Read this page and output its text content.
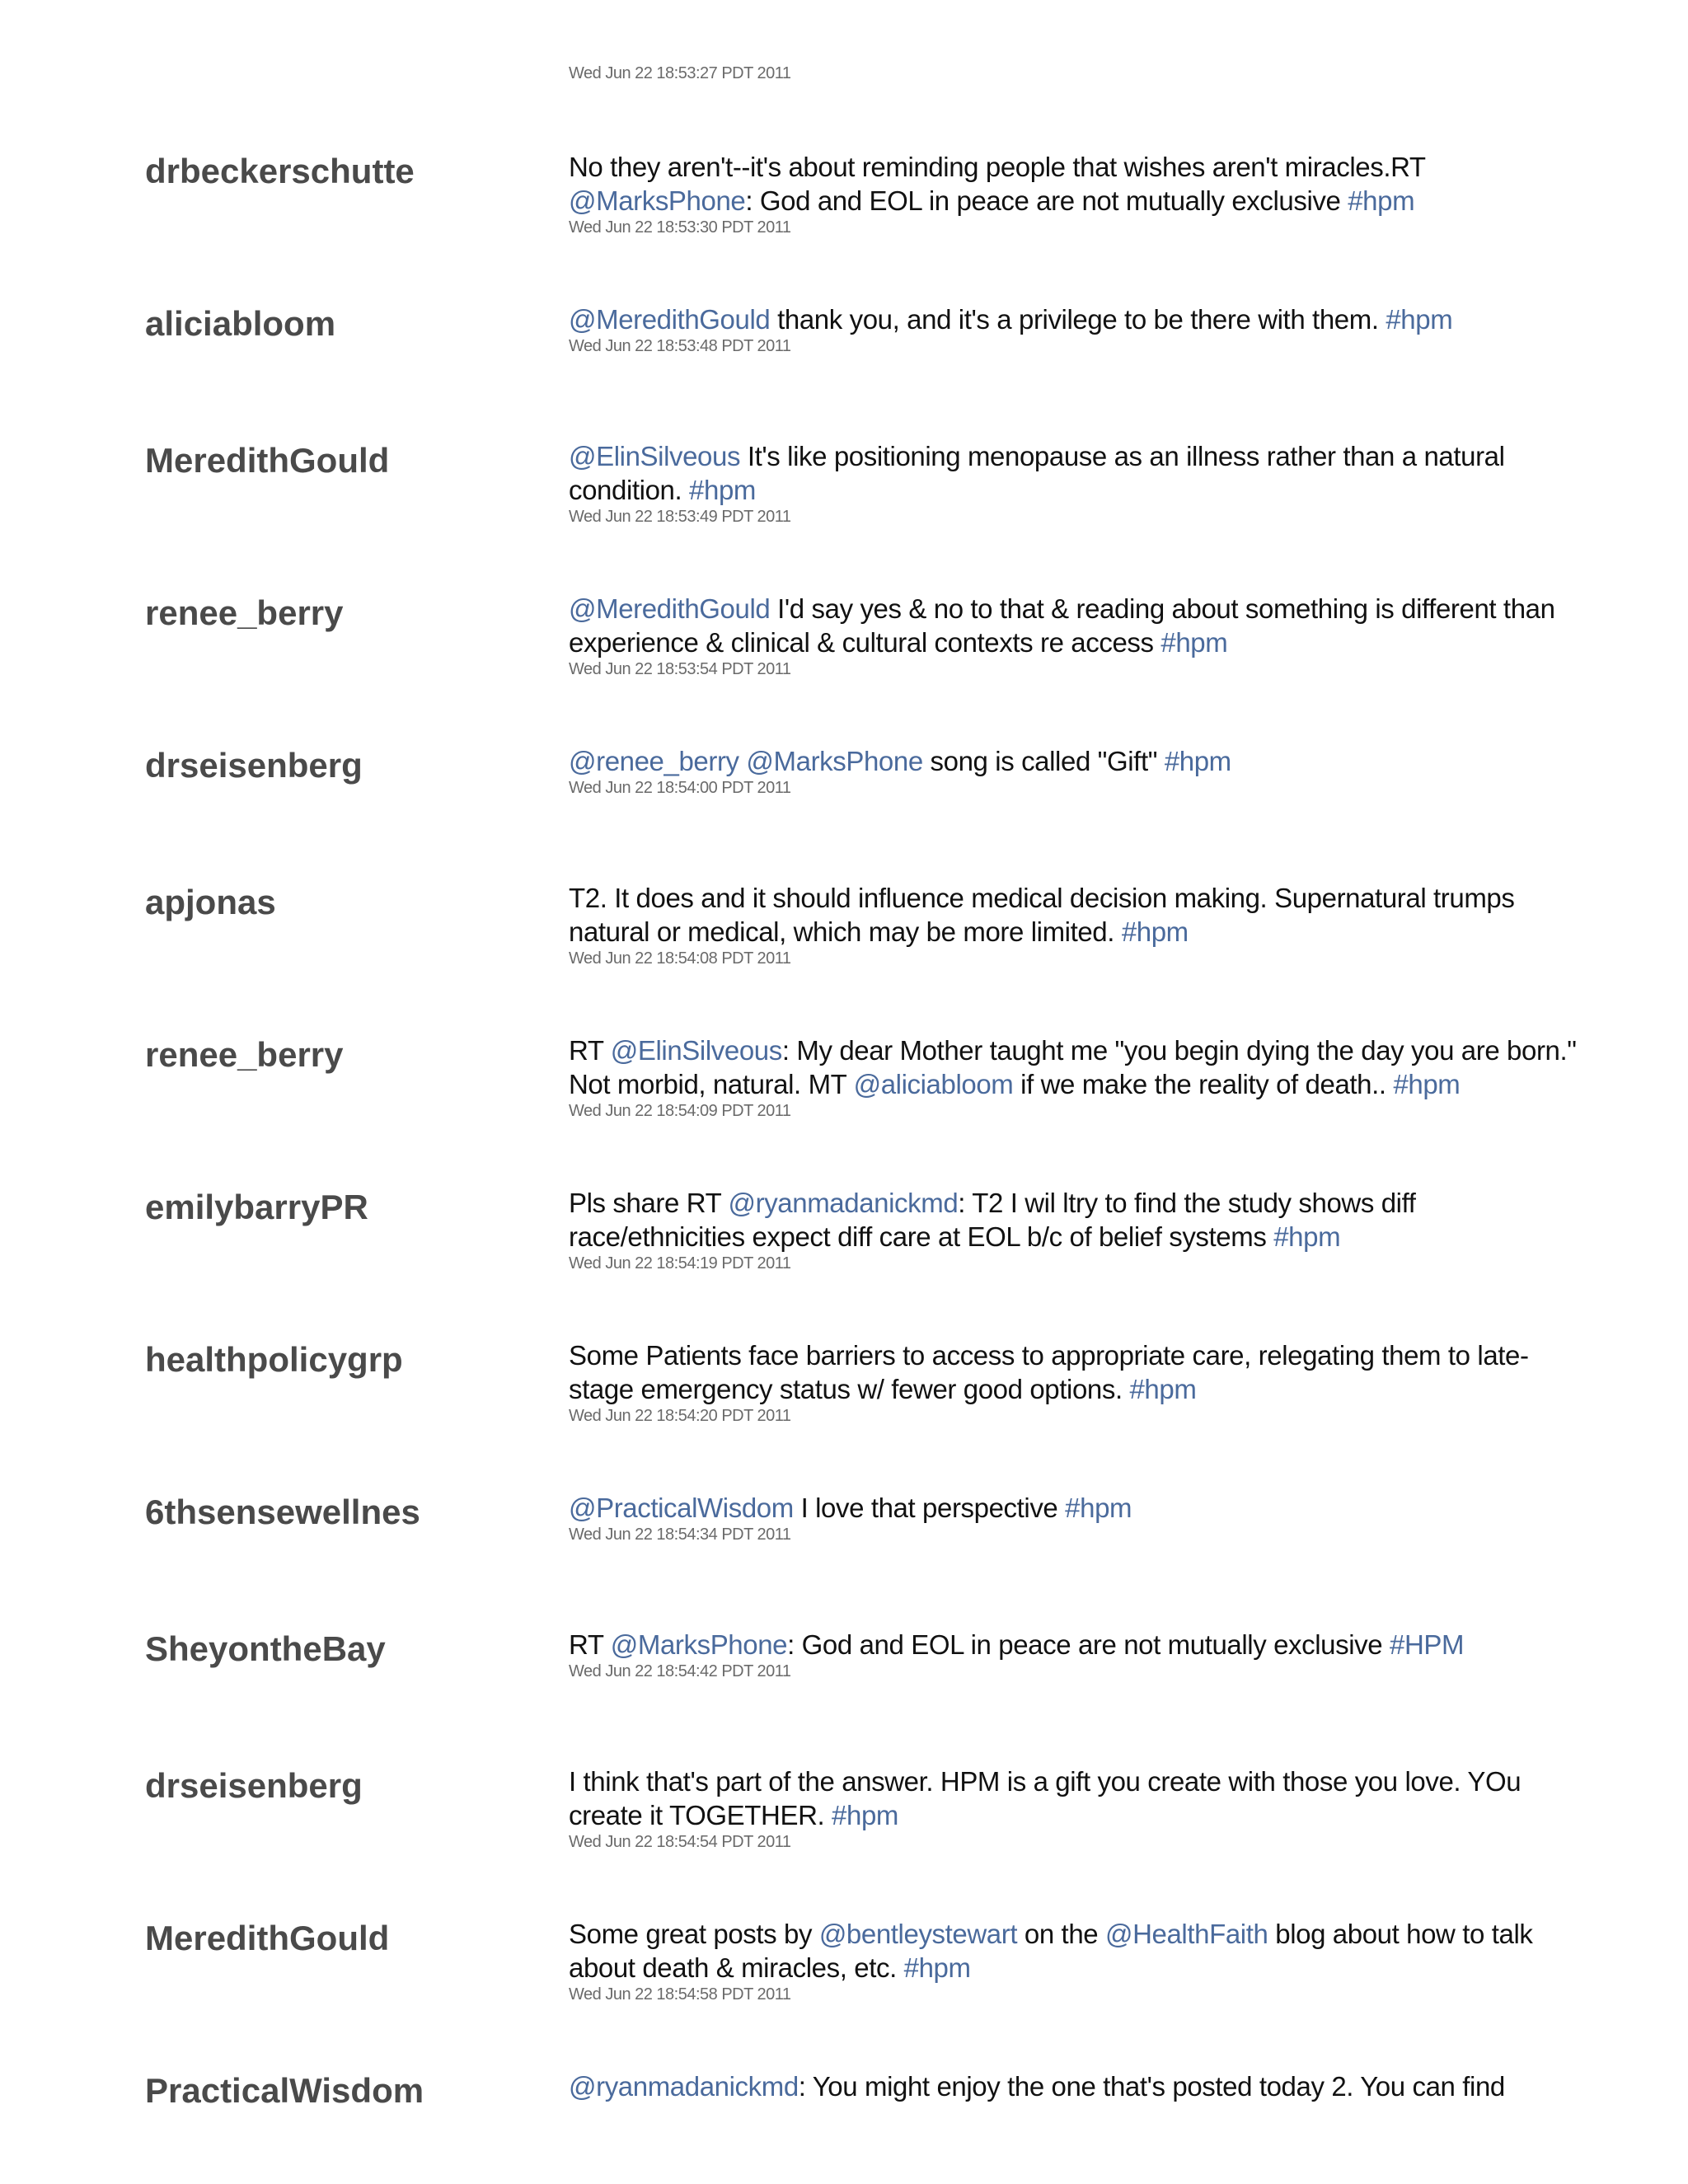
Wed Jun 22 18:53:27 PDT 2011
drbeckerschutte	No they aren't--it's about reminding people that wishes aren't miracles.RT @MarksPhone: God and EOL in peace are not mutually exclusive #hpm
Wed Jun 22 18:53:30 PDT 2011
aliciabloom	@MeredithGould thank you, and it's a privilege to be there with them. #hpm
Wed Jun 22 18:53:48 PDT 2011
MeredithGould	@ElinSilveous It's like positioning menopause as an illness rather than a natural condition. #hpm
Wed Jun 22 18:53:49 PDT 2011
renee_berry	@MeredithGould I'd say yes & no to that & reading about something is different than experience & clinical & cultural contexts re access #hpm
Wed Jun 22 18:53:54 PDT 2011
drseisenberg	@renee_berry @MarksPhone song is called "Gift" #hpm
Wed Jun 22 18:54:00 PDT 2011
apjonas	T2. It does and it should influence medical decision making. Supernatural trumps natural or medical, which may be more limited. #hpm
Wed Jun 22 18:54:08 PDT 2011
renee_berry	RT @ElinSilveous: My dear Mother taught me "you begin dying the day you are born." Not morbid, natural. MT @aliciabloom if we make the reality of death.. #hpm
Wed Jun 22 18:54:09 PDT 2011
emilybarryPR	Pls share RT @ryanmadanickmd: T2 I wil ltry to find the study shows diff race/ethnicities expect diff care at EOL b/c of belief systems #hpm
Wed Jun 22 18:54:19 PDT 2011
healthpolicygrp	Some Patients face barriers to access to appropriate care, relegating them to late-stage emergency status w/ fewer good options. #hpm
Wed Jun 22 18:54:20 PDT 2011
6thsensewellnes	@PracticalWisdom I love that perspective #hpm
Wed Jun 22 18:54:34 PDT 2011
SheyontheBay	RT @MarksPhone: God and EOL in peace are not mutually exclusive #HPM
Wed Jun 22 18:54:42 PDT 2011
drseisenberg	I think that's part of the answer. HPM is a gift you create with those you love. YOu create it TOGETHER. #hpm
Wed Jun 22 18:54:54 PDT 2011
MeredithGould	Some great posts by @bentleystewart on the @HealthFaith blog about how to talk about death & miracles, etc. #hpm
Wed Jun 22 18:54:58 PDT 2011
PracticalWisdom	@ryanmadanickmd: You might enjoy the one that's posted today 2. You can find
